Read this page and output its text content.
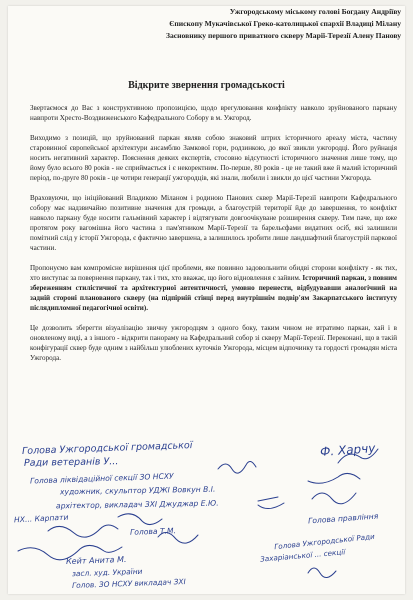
Ужгородському міському голові Богдану Андріїву
Єпископу Мукачівської Греко-католицької єпархії Владиці Мілану
Засновнику першого приватного скверу Марії-Терезії Алену Панову
Відкрите звернення громадськості

Звертаємося до Вас з конструктивною пропозицією, щодо врегулювання конфлікту навколо зруйнованого паркану навпроти Хресто-Воздвиженського Кафедрального Собору в м. Ужгород.

Виходимо з позицій, що зруйнований паркан являв собою знаковий штрих історичного ареалу міста, частину старовинної європейської архітектури ансамблю Замкової гори, родзинкою, до якої звикли ужгородці. Його руйнація носить негативний характер. Пояснення деяких експертів, стосовно відсутності історичного значення лише тому, що йому було всього 80 років - не сприймається і є некоректним. По-перше, 80 років - це не такий вже й малий історичний період, по-друге 80 років - це чотири генерації ужгородців, які знали, любили і звикли до цієї частини Ужгорода.

Враховуючи, що ініційований Владикою Міланом і родиною Панових сквер Марії-Терезії навпроти Кафедрального собору має надзвичайно позитивне значення для громади, а благоустрій території йде до завершення, то конфлікт навколо паркану буде носити гальмівний характер і відтягувати довгоочікуване розширення скверу. Тим паче, що вже протягом року вагомішна його частина з пам'ятником Марії-Терезії та барельєфами видатних осіб, які залишили помітний слід у історії Ужгорода, є фактично завершена, а залишилось зробити лише ландшафтний благоустрій паркової частини.

Пропонуємо вам компромісне вирішення цієї проблеми, яке повинно задовольнити обидві сторони конфлікту - як тих, хто виступає за повернення паркану, так і тих, хто вважає, що його відновлення є зайвим. Історичний паркан, з повним збереженням стилістичної та архітектурної автентичності, умовно перенести, відбудувавши аналогічний на задній стороні планованого скверу (на підпірній стінці перед внутрішнім подвір'ям Закарпатського інституту післядипломної педагогічної освіти).

Це дозволить зберегти візуалізацію звичну ужгородцям з одного боку, таким чином не втратимо паркан, хай і в оновленому виді, а з іншого - відкрити панораму на Кафедральний собор зі скверу Марії-Терезії. Переконані, що в такій конфігурації сквер буде одним з найбільш улюблених куточків Ужгорода, місцем відпочинку та гордості громадян міста Ужгорода.

Голова Ужгородської громадської
Ради ветеранів У...
Голова ліквідаційної секції ЗО НСХУ
художник, скульптор УДЖІ Вовкун В.І.
архітектор, викладач ЗХІ Джуджар Е.Ю.
НХ... Карпати	Голова правління
Голова Т.М.
Голова Ужгородської Ради
Захаріанської ... секції
Кейт Анита М.
засл. худ. України
Голов. ЗО НСХУ викладач ЗХІ
Ф. Харчу
